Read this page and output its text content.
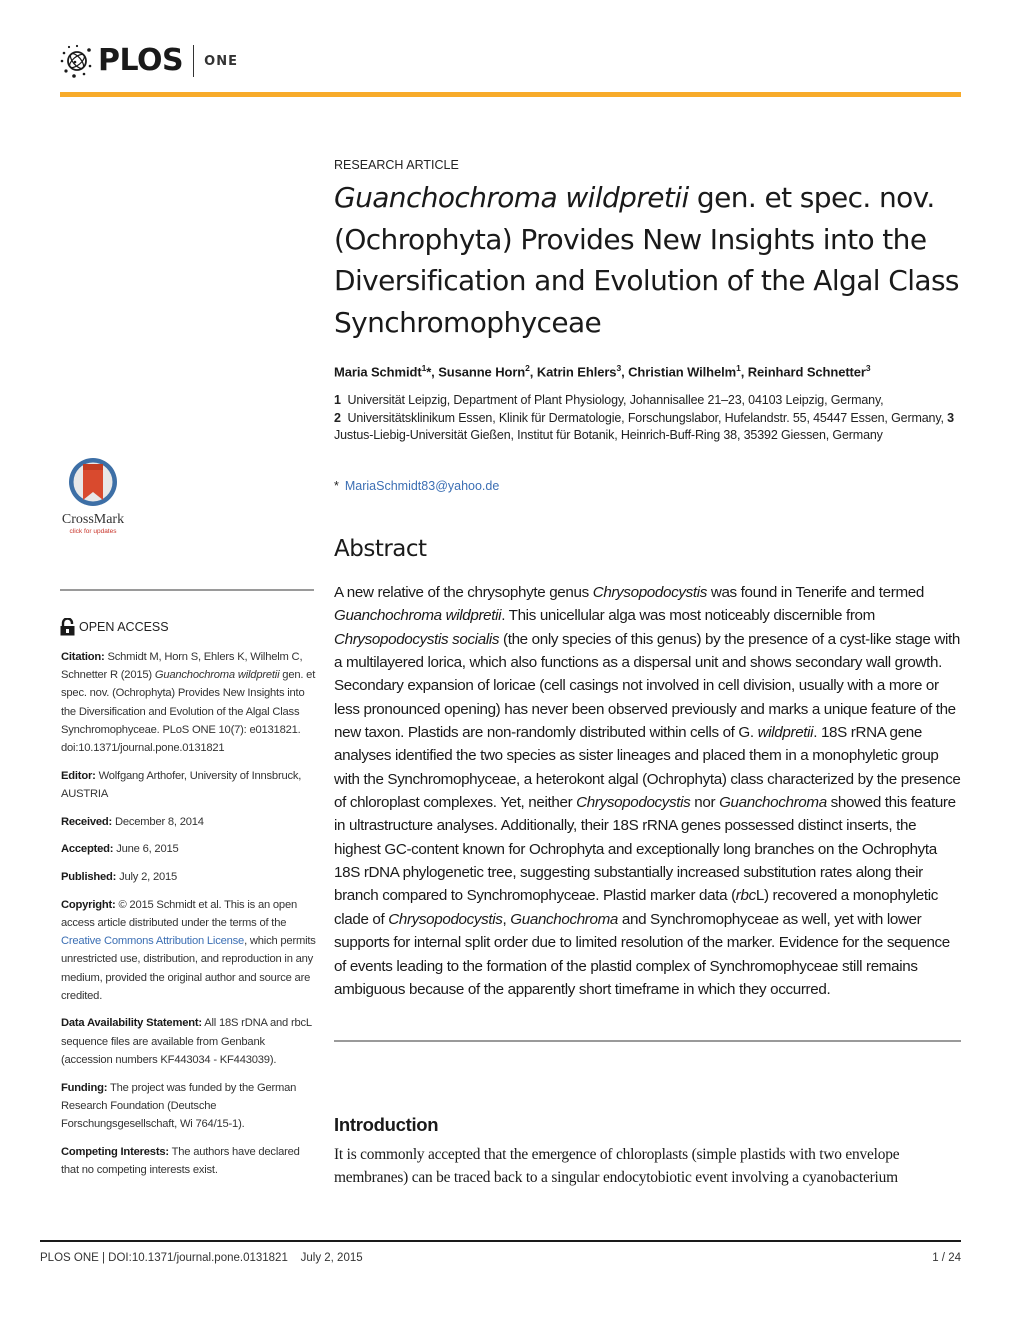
PLOS ONE
RESEARCH ARTICLE
Guanchochroma wildpretii gen. et spec. nov.
(Ochrophyta) Provides New Insights into the Diversification and Evolution of the Algal Class Synchromophyceae
Maria Schmidt$^1$*, Susanne Horn$^2$, Katrin Ehlers$^3$, Christian Wilhelm$^1$, Reinhard Schnetter$^3$
1 Universität Leipzig, Department of Plant Physiology, Johannisallee 21–23, 04103 Leipzig, Germany,
2 Universitätsklinikum Essen, Klinik für Dermatologie, Forschungslabor, Hufelandstr. 55, 45447 Essen, Germany, 3  Justus-Liebig-Universität Gießen, Institut für Botanik, Heinrich-Buff-Ring 38, 35392 Giessen, Germany
* MariaSchmidt83@yahoo.de
CrossMark
click for updates
OPEN ACCESS

Citation: Schmidt M, Horn S, Ehlers K, Wilhelm C, Schnetter R (2015) Guanchochroma wildpretii gen. et spec. nov. (Ochrophyta) Provides New Insights into the Diversification and Evolution of the Algal Class Synchromophyceae. PLoS ONE 10(7): e0131821. doi:10.1371/journal.pone.0131821

Editor: Wolfgang Arthofer, University of Innsbruck, AUSTRIA

Received: December 8, 2014

Accepted: June 6, 2015

Published: July 2, 2015

Copyright: © 2015 Schmidt et al. This is an open access article distributed under the terms of the Creative Commons Attribution License, which permits unrestricted use, distribution, and reproduction in any medium, provided the original author and source are credited.

Data Availability Statement: All 18S rDNA and rbcL sequence files are available from Genbank (accession numbers KF443034 - KF443039).

Funding: The project was funded by the German Research Foundation (Deutsche Forschungsgesellschaft, Wi 764/15-1).

Competing Interests: The authors have declared that no competing interests exist.

Abstract
A new relative of the chrysophyte genus Chrysopodocystis was found in Tenerife and termed Guanchochroma wildpretii. This unicellular alga was most noticeably discernible from Chrysopodocystis socialis (the only species of this genus) by the presence of a cyst-like stage with a multilayered lorica, which also functions as a dispersal unit and shows secondary wall growth. Secondary expansion of loricae (cell casings not involved in cell division, usually with a more or less pronounced opening) has never been observed previously and marks a unique feature of the new taxon. Plastids are non-randomly distributed within cells of G. wildpretii. 18S rRNA gene analyses identified the two species as sister lineages and placed them in a monophyletic group with the Synchromophyceae, a heterokont algal (Ochrophyta) class characterized by the presence of chloroplast complexes. Yet, neither Chrysopodocystis nor Guanchochroma showed this feature in ultrastructure analyses. Additionally, their 18S rRNA genes possessed distinct inserts, the highest GC-content known for Ochrophyta and exceptionally long branches on the Ochrophyta 18S rDNA phylogenetic tree, suggesting substantially increased substitution rates along their branch compared to Synchromophyceae. Plastid marker data (rbcL) recovered a monophyletic clade of Chrysopodocystis, Guanchochroma and Synchromophyceae as well, yet with lower supports for internal split order due to limited resolution of the marker. Evidence for the sequence of events leading to the formation of the plastid complex of Synchromophyceae still remains ambiguous because of the apparently short timeframe in which they occurred.
Introduction
It is commonly accepted that the emergence of chloroplasts (simple plastids with two envelope membranes) can be traced back to a singular endocytobiotic event involving a cyanobacterium
PLOS ONE | DOI:10.1371/journal.pone.0131821    July 2, 2015	1 / 24
